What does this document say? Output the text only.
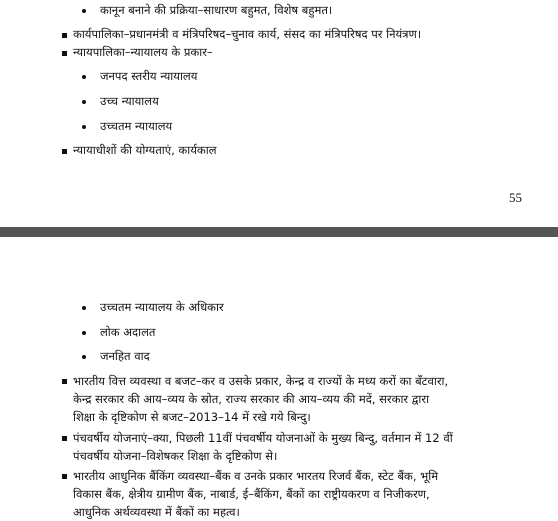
कानून बनाने की प्रक्रिया–साधारण बहुमत, विशेष बहुमत।
कार्यपालिका–प्रधानमंत्री व मंत्रिपरिषद–चुनाव कार्य, संसद का मंत्रिपरिषद पर नियंत्रण।
न्यायपालिका–न्यायालय के प्रकार–
जनपद स्तरीय न्यायालय
उच्च न्यायालय
उच्चतम न्यायालय
न्यायाधीशों की योग्यताएं, कार्यकाल
55
उच्चतम न्यायालय के अधिकार
लोक अदालत
जनहित वाद
भारतीय वित्त व्यवस्था व बजट–कर व उसके प्रकार, केन्द्र व राज्यों के मध्य करों का बँटवारा,
केन्द्र सरकार की आय–व्यय के स्रोत, राज्य सरकार की आय–व्यय की मदें, सरकार द्वारा
शिक्षा के दृष्टिकोण से बजट–2013–14 में रखे गये बिन्दु।
पंचवर्षीय योजनाएं–क्या, पिछली 11वीं पंचवर्षीय योजनाओं के मुख्य बिन्दु, वर्तमान में 12 वीं
पंचवर्षीय योजना–विशेषकर शिक्षा के दृष्टिकोण से।
भारतीय आधुनिक बैंकिंग व्यवस्था–बैंक व उनके प्रकार भारतय रिजर्व बैंक, स्टेट बैंक, भूमि
विकास बैंक, क्षेत्रीय ग्रामीण बैंक, नाबार्ड, ई–बैंकिंग, बैंकों का राष्ट्रीयकरण व निजीकरण,
आधुनिक अर्थव्यवस्था में बैंकों का महत्व।
